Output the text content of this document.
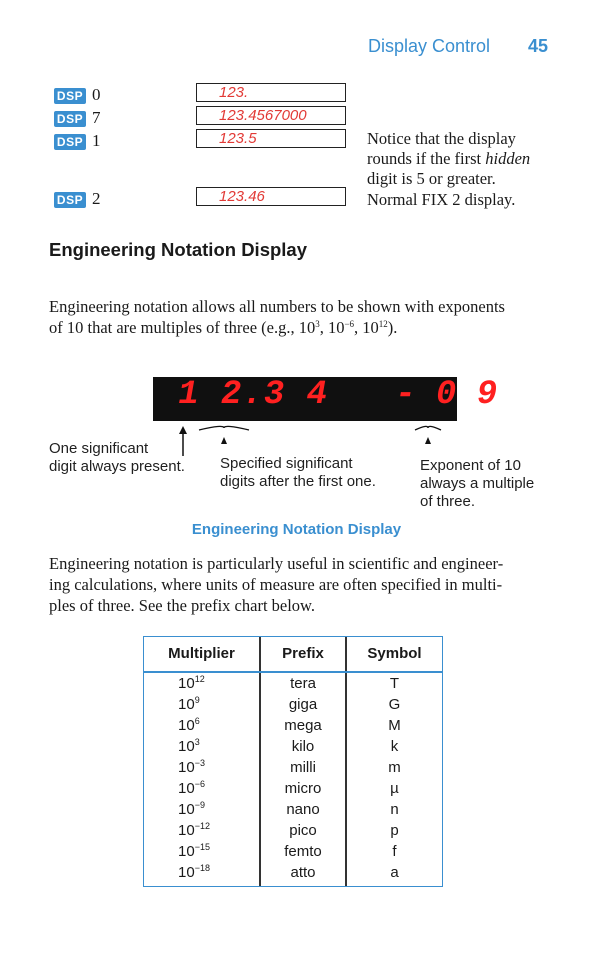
Display Control 45
DSP 0	123.
DSP 7	123.4567000
DSP 1	123.5
DSP 2	123.46
Notice that the display
rounds if the first hidden
digit is 5 or greater.
Normal FIX 2 display.
Engineering Notation Display
Engineering notation allows all numbers to be shown with exponents
of 10 that are multiples of three (e.g., $10^3$, $10^{-6}$, $10^{12}$).
1 2.3 4 - 0 9
One significant
digit always present. Specified significant
digits after the first one.
Exponent of 10
always a multiple
of three.
Engineering Notation Display
Engineering notation is particularly useful in scientific and engineer-
ing calculations, where units of measure are often specified in multi-
ples of three. See the prefix chart below.
Multiplier	Prefix	Symbol
$10^{12}$	tera	T
$10^9$	giga	G
$10^6$	mega	M
$10^3$	kilo	k
$10^{-3}$	milli	m
$10^{-6}$	micro	µ
$10^{-9}$	nano	n
$10^{-12}$	pico	p
$10^{-15}$	femto	f
$10^{-18}$	atto	a
